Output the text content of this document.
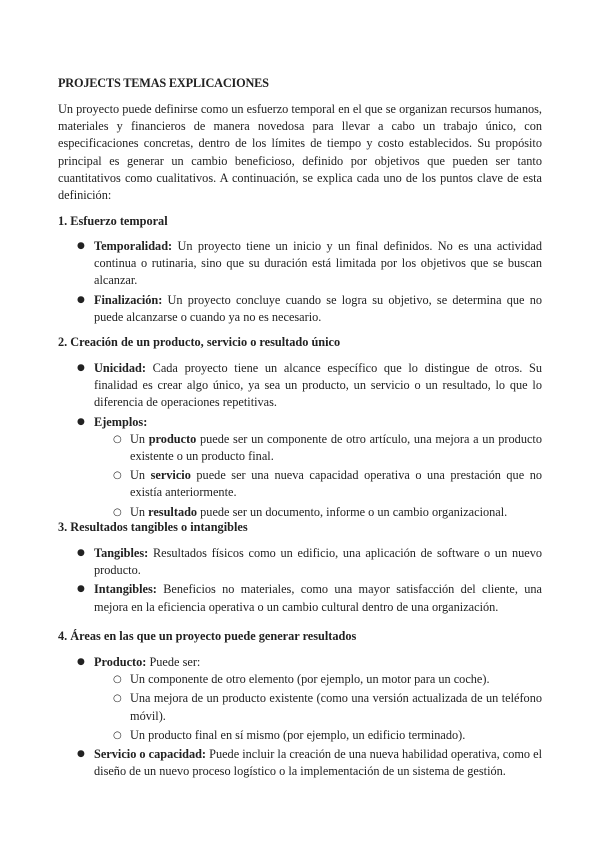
PROJECTS TEMAS EXPLICACIONES

Un proyecto puede definirse como un esfuerzo temporal en el que se organizan recursos humanos, materiales y financieros de manera novedosa para llevar a cabo un trabajo único, con especificaciones concretas, dentro de los límites de tiempo y costo establecidos. Su propósito principal es generar un cambio beneficioso, definido por objetivos que pueden ser tanto cuantitativos como cualitativos. A continuación, se explica cada uno de los puntos clave de esta definición:

1. Esfuerzo temporal
● Temporalidad: Un proyecto tiene un inicio y un final definidos. No es una actividad continua o rutinaria, sino que su duración está limitada por los objetivos que se buscan alcanzar.
● Finalización: Un proyecto concluye cuando se logra su objetivo, se determina que no puede alcanzarse o cuando ya no es necesario.
2. Creación de un producto, servicio o resultado único
● Unicidad: Cada proyecto tiene un alcance específico que lo distingue de otros. Su finalidad es crear algo único, ya sea un producto, un servicio o un resultado, lo que lo diferencia de operaciones repetitivas.
● Ejemplos:
○ Un producto puede ser un componente de otro artículo, una mejora a un producto existente o un producto final.
○ Un servicio puede ser una nueva capacidad operativa o una prestación que no existía anteriormente.
○ Un resultado puede ser un documento, informe o un cambio organizacional.
3. Resultados tangibles o intangibles
● Tangibles: Resultados físicos como un edificio, una aplicación de software o un nuevo producto.
● Intangibles: Beneficios no materiales, como una mayor satisfacción del cliente, una mejora en la eficiencia operativa o un cambio cultural dentro de una organización.
4. Áreas en las que un proyecto puede generar resultados
● Producto: Puede ser:
○ Un componente de otro elemento (por ejemplo, un motor para un coche).
○ Una mejora de un producto existente (como una versión actualizada de un teléfono móvil).
○ Un producto final en sí mismo (por ejemplo, un edificio terminado).
● Servicio o capacidad: Puede incluir la creación de una nueva habilidad operativa, como el diseño de un nuevo proceso logístico o la implementación de un sistema de gestión.
